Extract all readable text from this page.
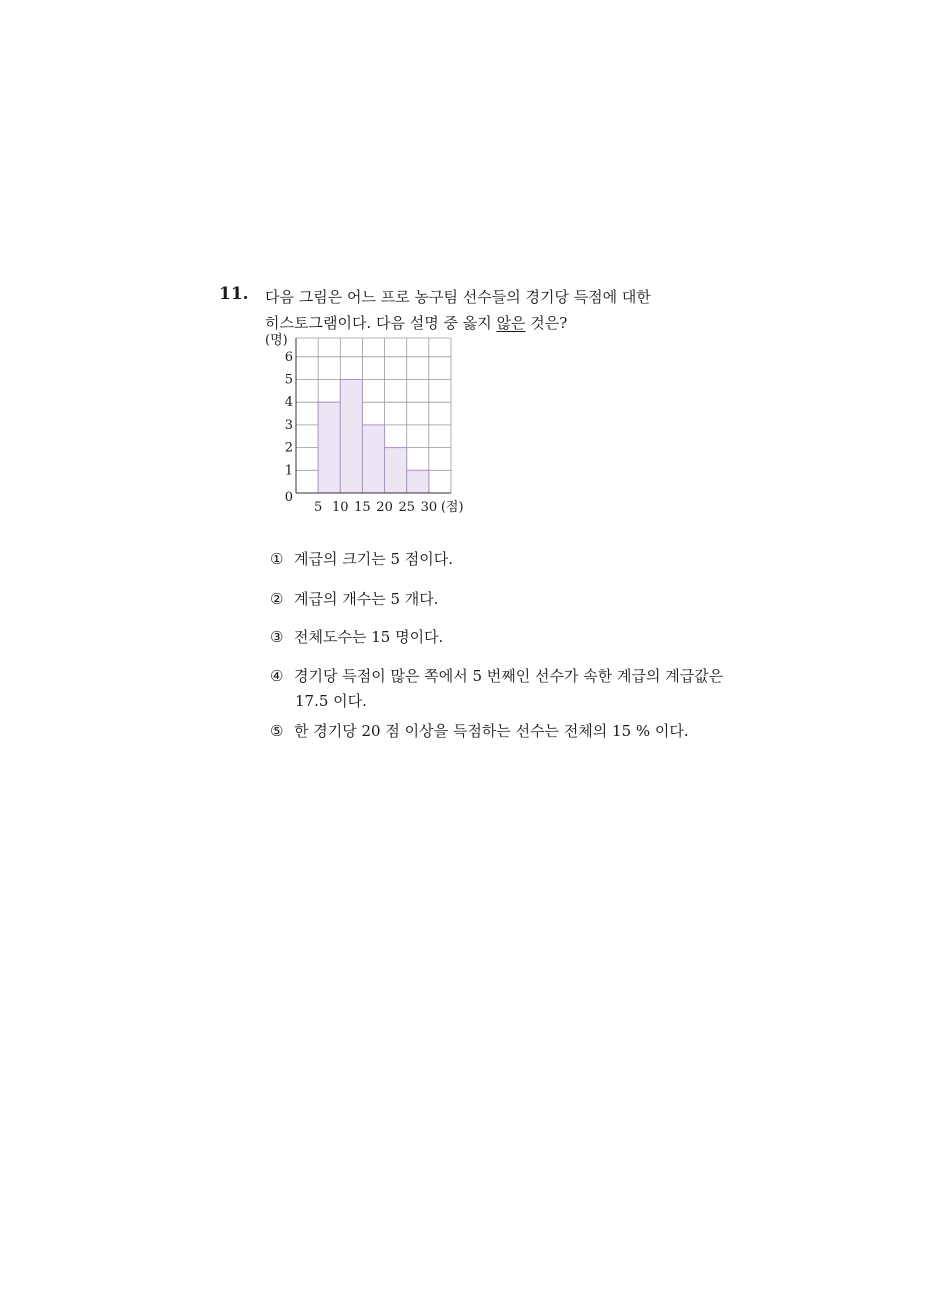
11. 다음 그림은 어느 프로 농구팀 선수들의 경기당 득점에 대한
히스토그램이다. 다음 설명 중 옳지 않은 것은?
0
1
2
3
4
5
6
5 10 15 20 25 30
(명)
(점)
① 계급의 크기는 5 점이다.
② 계급의 개수는 5 개다.
③ 전체도수는 15 명이다.
④ 경기당 득점이 많은 쪽에서 5 번째인 선수가 속한 계급의 계급값은
17.5 이다.
⑤ 한 경기당 20 점 이상을 득점하는 선수는 전체의 15 % 이다.
